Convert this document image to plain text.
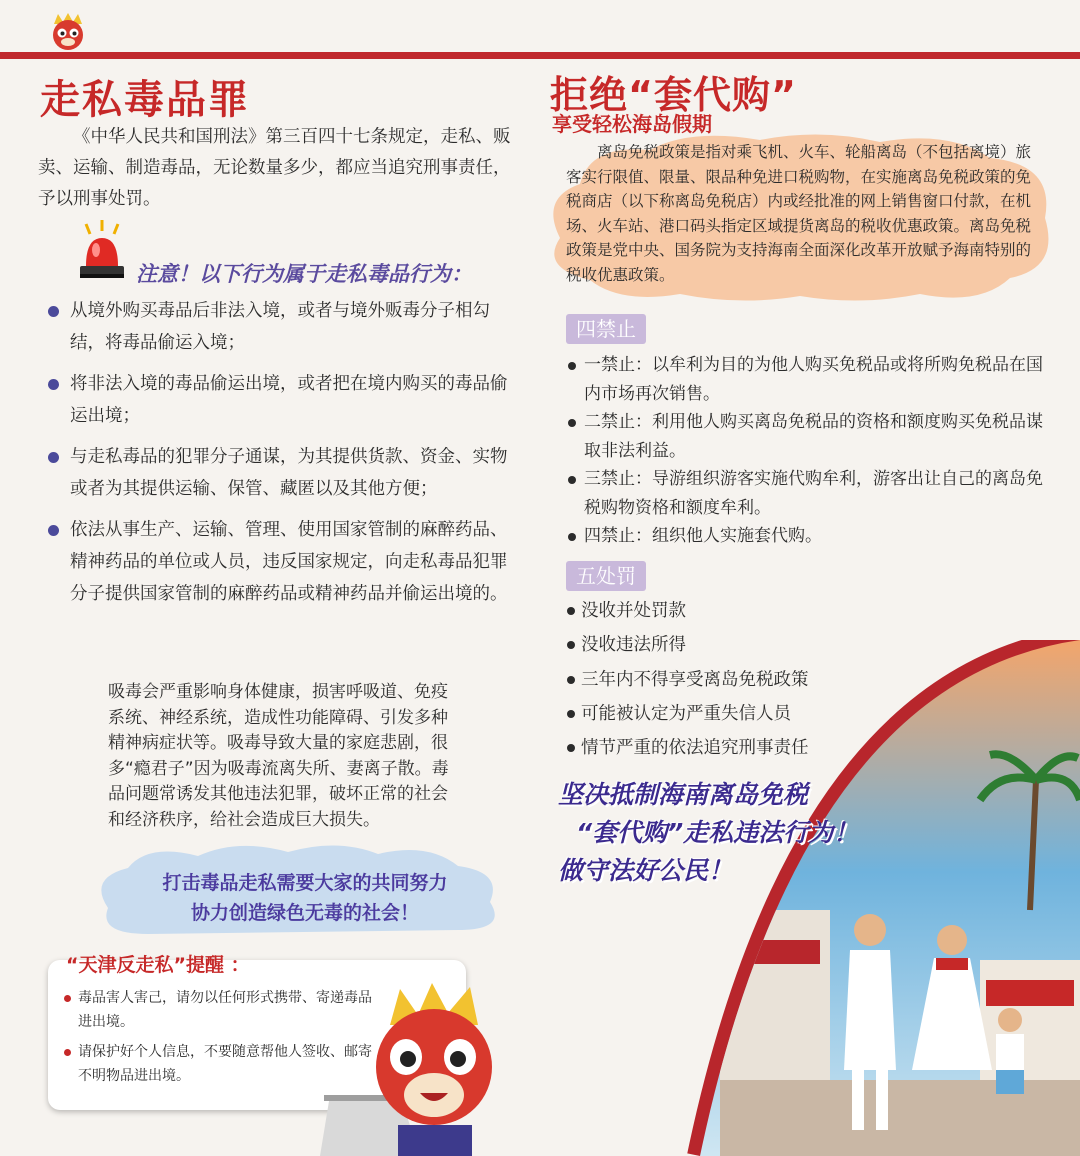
走私毒品罪
《中华人民共和国刑法》第三百四十七条规定，走私、贩卖、运输、制造毒品，无论数量多少，都应当追究刑事责任，予以刑事处罚。
注意！以下行为属于走私毒品行为：
从境外购买毒品后非法入境，或者与境外贩毒分子相勾结，将毒品偷运入境；
将非法入境的毒品偷运出境，或者把在境内购买的毒品偷运出境；
与走私毒品的犯罪分子通谋，为其提供货款、资金、实物或者为其提供运输、保管、藏匿以及其他方便；
依法从事生产、运输、管理、使用国家管制的麻醉药品、精神药品的单位或人员，违反国家规定，向走私毒品犯罪分子提供国家管制的麻醉药品或精神药品并偷运出境的。
吸毒会严重影响身体健康，损害呼吸道、免疫系统、神经系统，造成性功能障碍、引发多种精神病症状等。吸毒导致大量的家庭悲剧，很多“瘾君子”因为吸毒流离失所、妻离子散。毒品问题常诱发其他违法犯罪，破坏正常的社会和经济秩序，给社会造成巨大损失。
打击毒品走私需要大家的共同努力
协力创造绿色无毒的社会！
“天津反走私”提醒 ：
毒品害人害己，请勿以任何形式携带、寄递毒品进出境。
请保护好个人信息，不要随意帮他人签收、邮寄不明物品进出境。
拒绝“套代购”
享受轻松海岛假期
离岛免税政策是指对乘飞机、火车、轮船离岛（不包括离境）旅客实行限值、限量、限品种免进口税购物，在实施离岛免税政策的免税商店（以下称离岛免税店）内或经批准的网上销售窗口付款，在机场、火车站、港口码头指定区域提货离岛的税收优惠政策。离岛免税政策是党中央、国务院为支持海南全面深化改革开放赋予海南特别的税收优惠政策。
四禁止
一禁止：以牟利为目的为他人购买免税品或将所购免税品在国内市场再次销售。
二禁止：利用他人购买离岛免税品的资格和额度购买免税品谋取非法利益。
三禁止：导游组织游客实施代购牟利，游客出让自己的离岛免税购物资格和额度牟利。
四禁止：组织他人实施套代购。
五处罚
没收并处罚款
没收违法所得
三年内不得享受离岛免税政策
可能被认定为严重失信人员
情节严重的依法追究刑事责任
坚决抵制海南离岛免税
“套代购”走私违法行为！
做守法好公民！
